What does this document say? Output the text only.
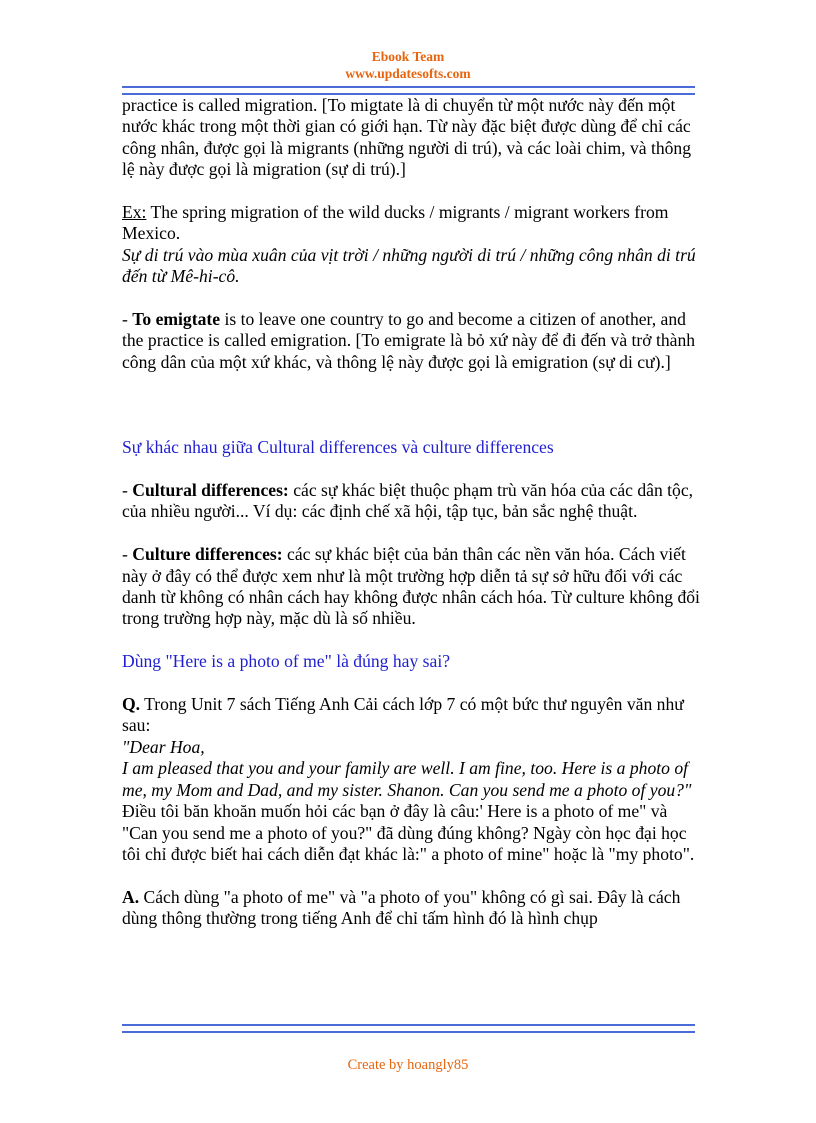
Ebook Team
www.updatesofts.com

practice is called migration. [To migtate là di chuyển từ một nước này đến một nước khác trong một thời gian có giới hạn. Từ này đặc biệt được dùng để chỉ các công nhân, được gọi là migrants (những người di trú), và các loài chim, và thông lệ này được gọi là migration (sự di trú).]

Ex: The spring migration of the wild ducks / migrants / migrant workers from Mexico.

Sự di trú vào mùa xuân của vịt trời / những người di trú / những công nhân di trú đến từ Mê-hi-cô.

- To emigtate is to leave one country to go and become a citizen of another, and the practice is called emigration. [To emigrate là bỏ xứ này để đi đến và trở thành công dân của một xứ khác, và thông lệ này được gọi là emigration (sự di cư).]

Sự khác nhau giữa Cultural differences và culture differences

- Cultural differences: các sự khác biệt thuộc phạm trù văn hóa của các dân tộc, của nhiều người... Ví dụ: các định chế xã hội, tập tục, bản sắc nghệ thuật.

- Culture differences: các sự khác biệt của bản thân các nền văn hóa. Cách viết này ở đây có thể được xem như là một trường hợp diễn tả sự sở hữu đối với các danh từ không có nhân cách hay không được nhân cách hóa. Từ culture không đổi trong trường hợp này, mặc dù là số nhiều.

Dùng "Here is a photo of me" là đúng hay sai?

Q. Trong Unit 7 sách Tiếng Anh Cải cách lớp 7 có một bức thư nguyên văn như sau:

"Dear Hoa,

I am pleased that you and your family are well. I am fine, too. Here is a photo of me, my Mom and Dad, and my sister. Shanon. Can you send me a photo of you?"

Điều tôi băn khoăn muốn hỏi các bạn ở đây là câu:' Here is a photo of me" và "Can you send me a photo of you?" đã dùng đúng không? Ngày còn học đại học tôi chỉ được biết hai cách diễn đạt khác là:" a photo of mine" hoặc là "my photo".

A. Cách dùng "a photo of me" và "a photo of you" không có gì sai. Đây là cách dùng thông thường trong tiếng Anh để chỉ tấm hình đó là hình chụp

Create by hoangly85
